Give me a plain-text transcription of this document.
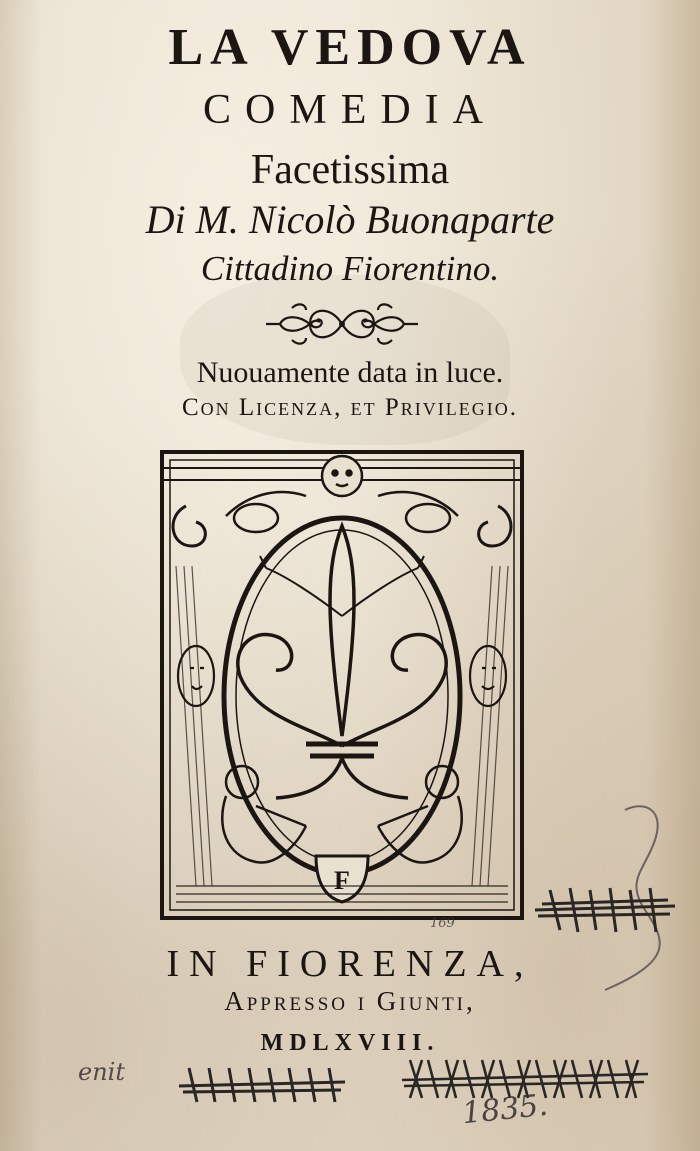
LA VEDOVA

COMEDIA

Facetissima

Di M. Nicolò Buonaparte

Cittadino Fiorentino.

Nuouamente data in luce.

Con Licenza, et Privilegio.

F

169

IN FIORENZA,

Appresso i Giunti,

MDLXVIII.

enit

1835.
